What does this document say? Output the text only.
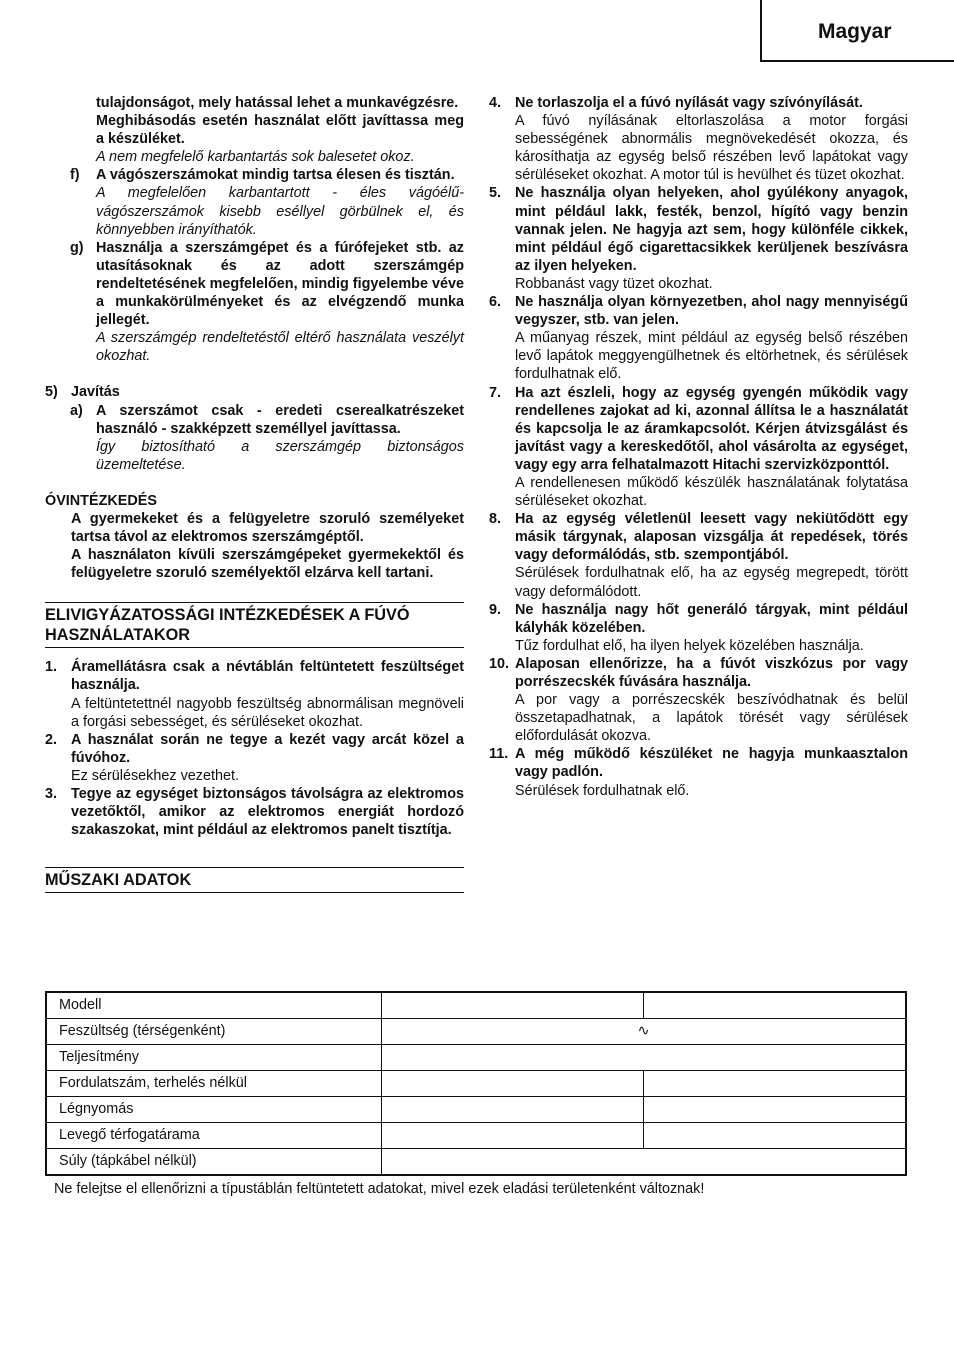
Magyar
tulajdonságot, mely hatással lehet a munkavégzésre.
Meghibásodás esetén használat előtt javíttassa meg a készüléket.
A nem megfelelő karbantartás sok balesetet okoz.
f)	A vágószerszámokat mindig tartsa élesen és tisztán.
A megfelelően karbantartott - éles vágóélű- vágószerszámok kisebb eséllyel görbülnek el, és könnyebben irányíthatók.
g) Használja a szerszámgépet és a fúrófejeket stb. az utasításoknak és az adott szerszámgép rendeltetésének megfelelően, mindig figyelembe véve a munkakörülményeket és az elvégzendő munka jellegét.
A szerszámgép rendeltetéstől eltérő használata veszélyt okozhat.
5) Javítás
a) A szerszámot csak - eredeti cserealkatrészeket használó - szakképzett személlyel javíttassa.
Így biztosítható a szerszámgép biztonságos üzemeltetése.
ÓVINTÉZKEDÉS
A gyermekeket és a felügyeletre szoruló személyeket tartsa távol az elektromos szerszámgéptől.
A használaton kívüli szerszámgépeket gyermekektől és felügyeletre szoruló személyektől elzárva kell tartani.
ELIVIGYÁZATOSSÁGI INTÉZKEDÉSEK A FÚVÓ HASZNÁLATAKOR
1. Áramellátásra csak a névtáblán feltüntetett feszültséget használja.
A feltüntetettnél nagyobb feszültség abnormálisan megnöveli a forgási sebességet, és sérüléseket okozhat.
2. A használat során ne tegye a kezét vagy arcát közel a fúvóhoz.
Ez sérülésekhez vezethet.
3. Tegye az egységet biztonságos távolságra az elektromos vezetőktől, amikor az elektromos energiát hordozó szakaszokat, mint például az elektromos panelt tisztítja.
MŰSZAKI ADATOK
4. Ne torlaszolja el a fúvó nyílását vagy szívónyílását.
A fúvó nyílásának eltorlaszolása a motor forgási sebességének abnormális megnövekedését okozza, és károsíthatja az egység belső részében levő lapátokat vagy sérüléseket okozhat. A motor túl is hevülhet és tüzet okozhat.
5. Ne használja olyan helyeken, ahol gyúlékony anyagok, mint például lakk, festék, benzol, hígító vagy benzin vannak jelen. Ne hagyja azt sem, hogy különféle cikkek, mint például égő cigarettacsikkek kerüljenek beszívásra az ilyen helyeken.
Robbanást vagy tüzet okozhat.
6. Ne használja olyan környezetben, ahol nagy mennyiségű vegyszer, stb. van jelen.
A műanyag részek, mint például az egység belső részében levő lapátok meggyengülhetnek és eltörhetnek, és sérülések fordulhatnak elő.
7. Ha azt észleli, hogy az egység gyengén működik vagy rendellenes zajokat ad ki, azonnal állítsa le a használatát és kapcsolja le az áramkapcsolót. Kérjen átvizsgálást és javítást vagy a kereskedőtől, ahol vásárolta az egységet, vagy egy arra felhatalmazott Hitachi szervizközponttól.
A rendellenesen működő készülék használatának folytatása sérüléseket okozhat.
8. Ha az egység véletlenül leesett vagy nekiütődött egy másik tárgynak, alaposan vizsgálja át repedések, törés vagy deformálódás, stb. szempontjából.
Sérülések fordulhatnak elő, ha az egység megrepedt, törött vagy deformálódott.
9. Ne használja nagy hőt generáló tárgyak, mint például kályhák közelében.
Tűz fordulhat elő, ha ilyen helyek közelében használja.
10. Alaposan ellenőrizze, ha a fúvót viszkózus por vagy porrészecskék fúvására használja.
A por vagy a porrészecskék beszívódhatnak és belül összetapadhatnak, a lapátok törését vagy sérülések előfordulását okozva.
11. A még működő készüléket ne hagyja munkaasztalon vagy padlón.
Sérülések fordulhatnak elő.
Modell		
Feszültség (térségenként)	∿	
Teljesítmény		
Fordulatszám, terhelés nélkül		
Légnyomás		
Levegő térfogatárama		
Súly (tápkábel nélkül)		
Ne felejtse el ellenőrizni a típustáblán feltüntetett adatokat, mivel ezek eladási területenként változnak!
